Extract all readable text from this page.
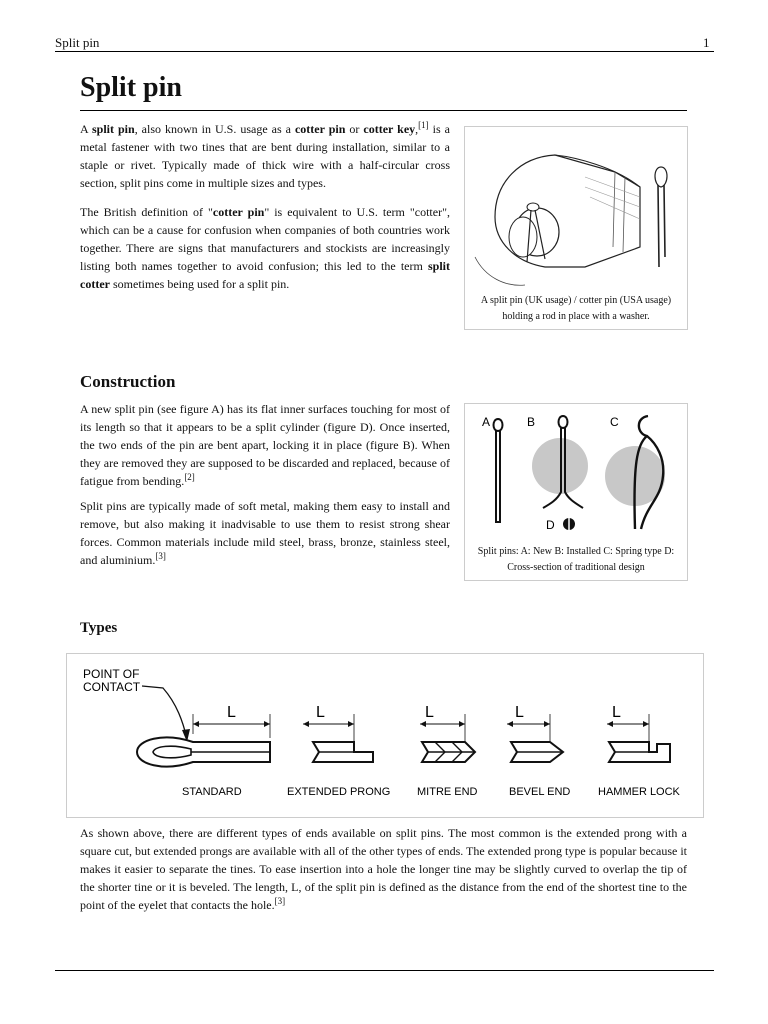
Split pin	1
Split pin

A split pin, also known in U.S. usage as a cotter pin or cotter key,[1] is a metal fastener with two tines that are bent during installation, similar to a staple or rivet. Typically made of thick wire with a half-circular cross section, split pins come in multiple sizes and types.

The British definition of "cotter pin" is equivalent to U.S. term "cotter", which can be a cause for confusion when companies of both countries work together. There are signs that manufacturers and stockists are increasingly listing both names together to avoid confusion; this led to the term split cotter sometimes being used for a split pin.

A split pin (UK usage) / cotter pin (USA usage) holding a rod in place with a washer.
Construction

A new split pin (see figure A) has its flat inner surfaces touching for most of its length so that it appears to be a split cylinder (figure D). Once inserted, the two ends of the pin are bent apart, locking it in place (figure B). When they are removed they are supposed to be discarded and replaced, because of fatigue from bending.[2]

Split pins are typically made of soft metal, making them easy to install and remove, but also making it inadvisable to use them to resist strong shear forces. Common materials include mild steel, brass, bronze, stainless steel, and aluminium.[3]

A	B	C
D
Split pins: A: New B: Installed C: Spring type D: Cross-section of traditional design
Types
POINT OF
CONTACT
L
STANDARD
L
EXTENDED PRONG
L
MITRE END
L
BEVEL END
L
HAMMER LOCK

As shown above, there are different types of ends available on split pins. The most common is the extended prong with a square cut, but extended prongs are available with all of the other types of ends. The extended prong type is popular because it makes it easier to separate the tines. To ease insertion into a hole the longer tine may be slightly curved to overlap the tip of the shorter tine or it is beveled. The length, L, of the split pin is defined as the distance from the end of the shortest tine to the point of the eyelet that contacts the hole.[3]
